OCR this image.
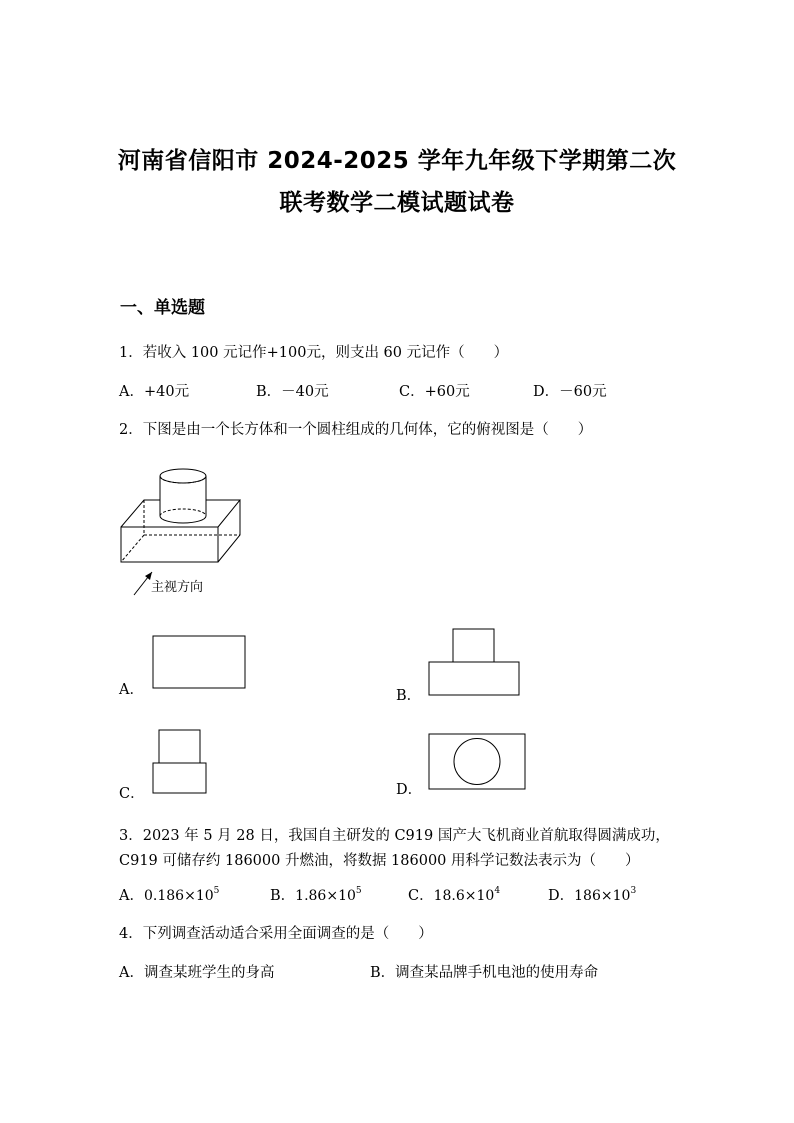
河南省信阳市 2024-2025 学年九年级下学期第二次
联考数学二模试题试卷
一、单选题
1．若收入 100 元记作+100元，则支出 60 元记作（　　）
A．+40元	B．－40元	C．+60元	D．－60元
2．下图是由一个长方体和一个圆柱组成的几何体，它的俯视图是（　　）
主视方向
A．	B．
C．	D．
3．2023 年 5 月 28 日，我国自主研发的 C919 国产大飞机商业首航取得圆满成功，
C919 可储存约 186000 升燃油，将数据 186000 用科学记数法表示为（　　）
A．$0.186\times 10^5$	B．$1.86\times 10^5$	C．$18.6\times 10^4$	D．$186\times 10^3$
4．下列调查活动适合采用全面调查的是（　　）
A．调查某班学生的身高	B．调查某品牌手机电池的使用寿命
